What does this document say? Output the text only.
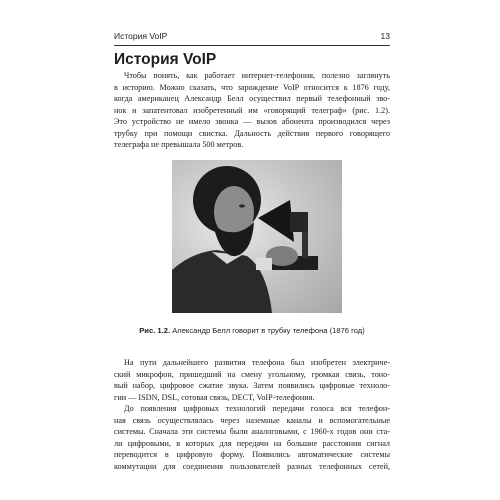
История VoIP	13
История VoIP
Чтобы понять, как работает интернет-телефония, полезно заглянуть
в историю. Можно сказать, что зарождение VoIP относится к 1876 году,
когда американец Александр Белл осуществил первый телефонный зво-
нок и запатентовал изобретенный им «говорящий телеграф» (рис. 1.2).
Это устройство не имело звонка — вызов абонента производился через
трубку при помощи свистка. Дальность действия первого говорящего
телеграфа не превышала 500 метров.
Рис. 1.2. Александр Белл говорит в трубку телефона (1876 год)
На пути дальнейшего развития телефона был изобретен электриче-
ский микрофон, пришедший на смену угольному, громкая связь, тоно-
вый набор, цифровое сжатие звука. Затем появились цифровые техноло-
гии — ISDN, DSL, сотовая связь, DECT, VoIP-телефония.
До появления цифровых технологий передачи голоса вся телефон-
ная связь осуществлялась через наземные каналы и вспомогательные
системы. Сначала эти системы были аналоговыми, с 1960-х годов они ста-
ли цифровыми, в которых для передачи на большие расстояния сигнал
переводится в цифровую форму. Появились автоматические системы
коммутации для соединения пользователей разных телефонных сетей,
